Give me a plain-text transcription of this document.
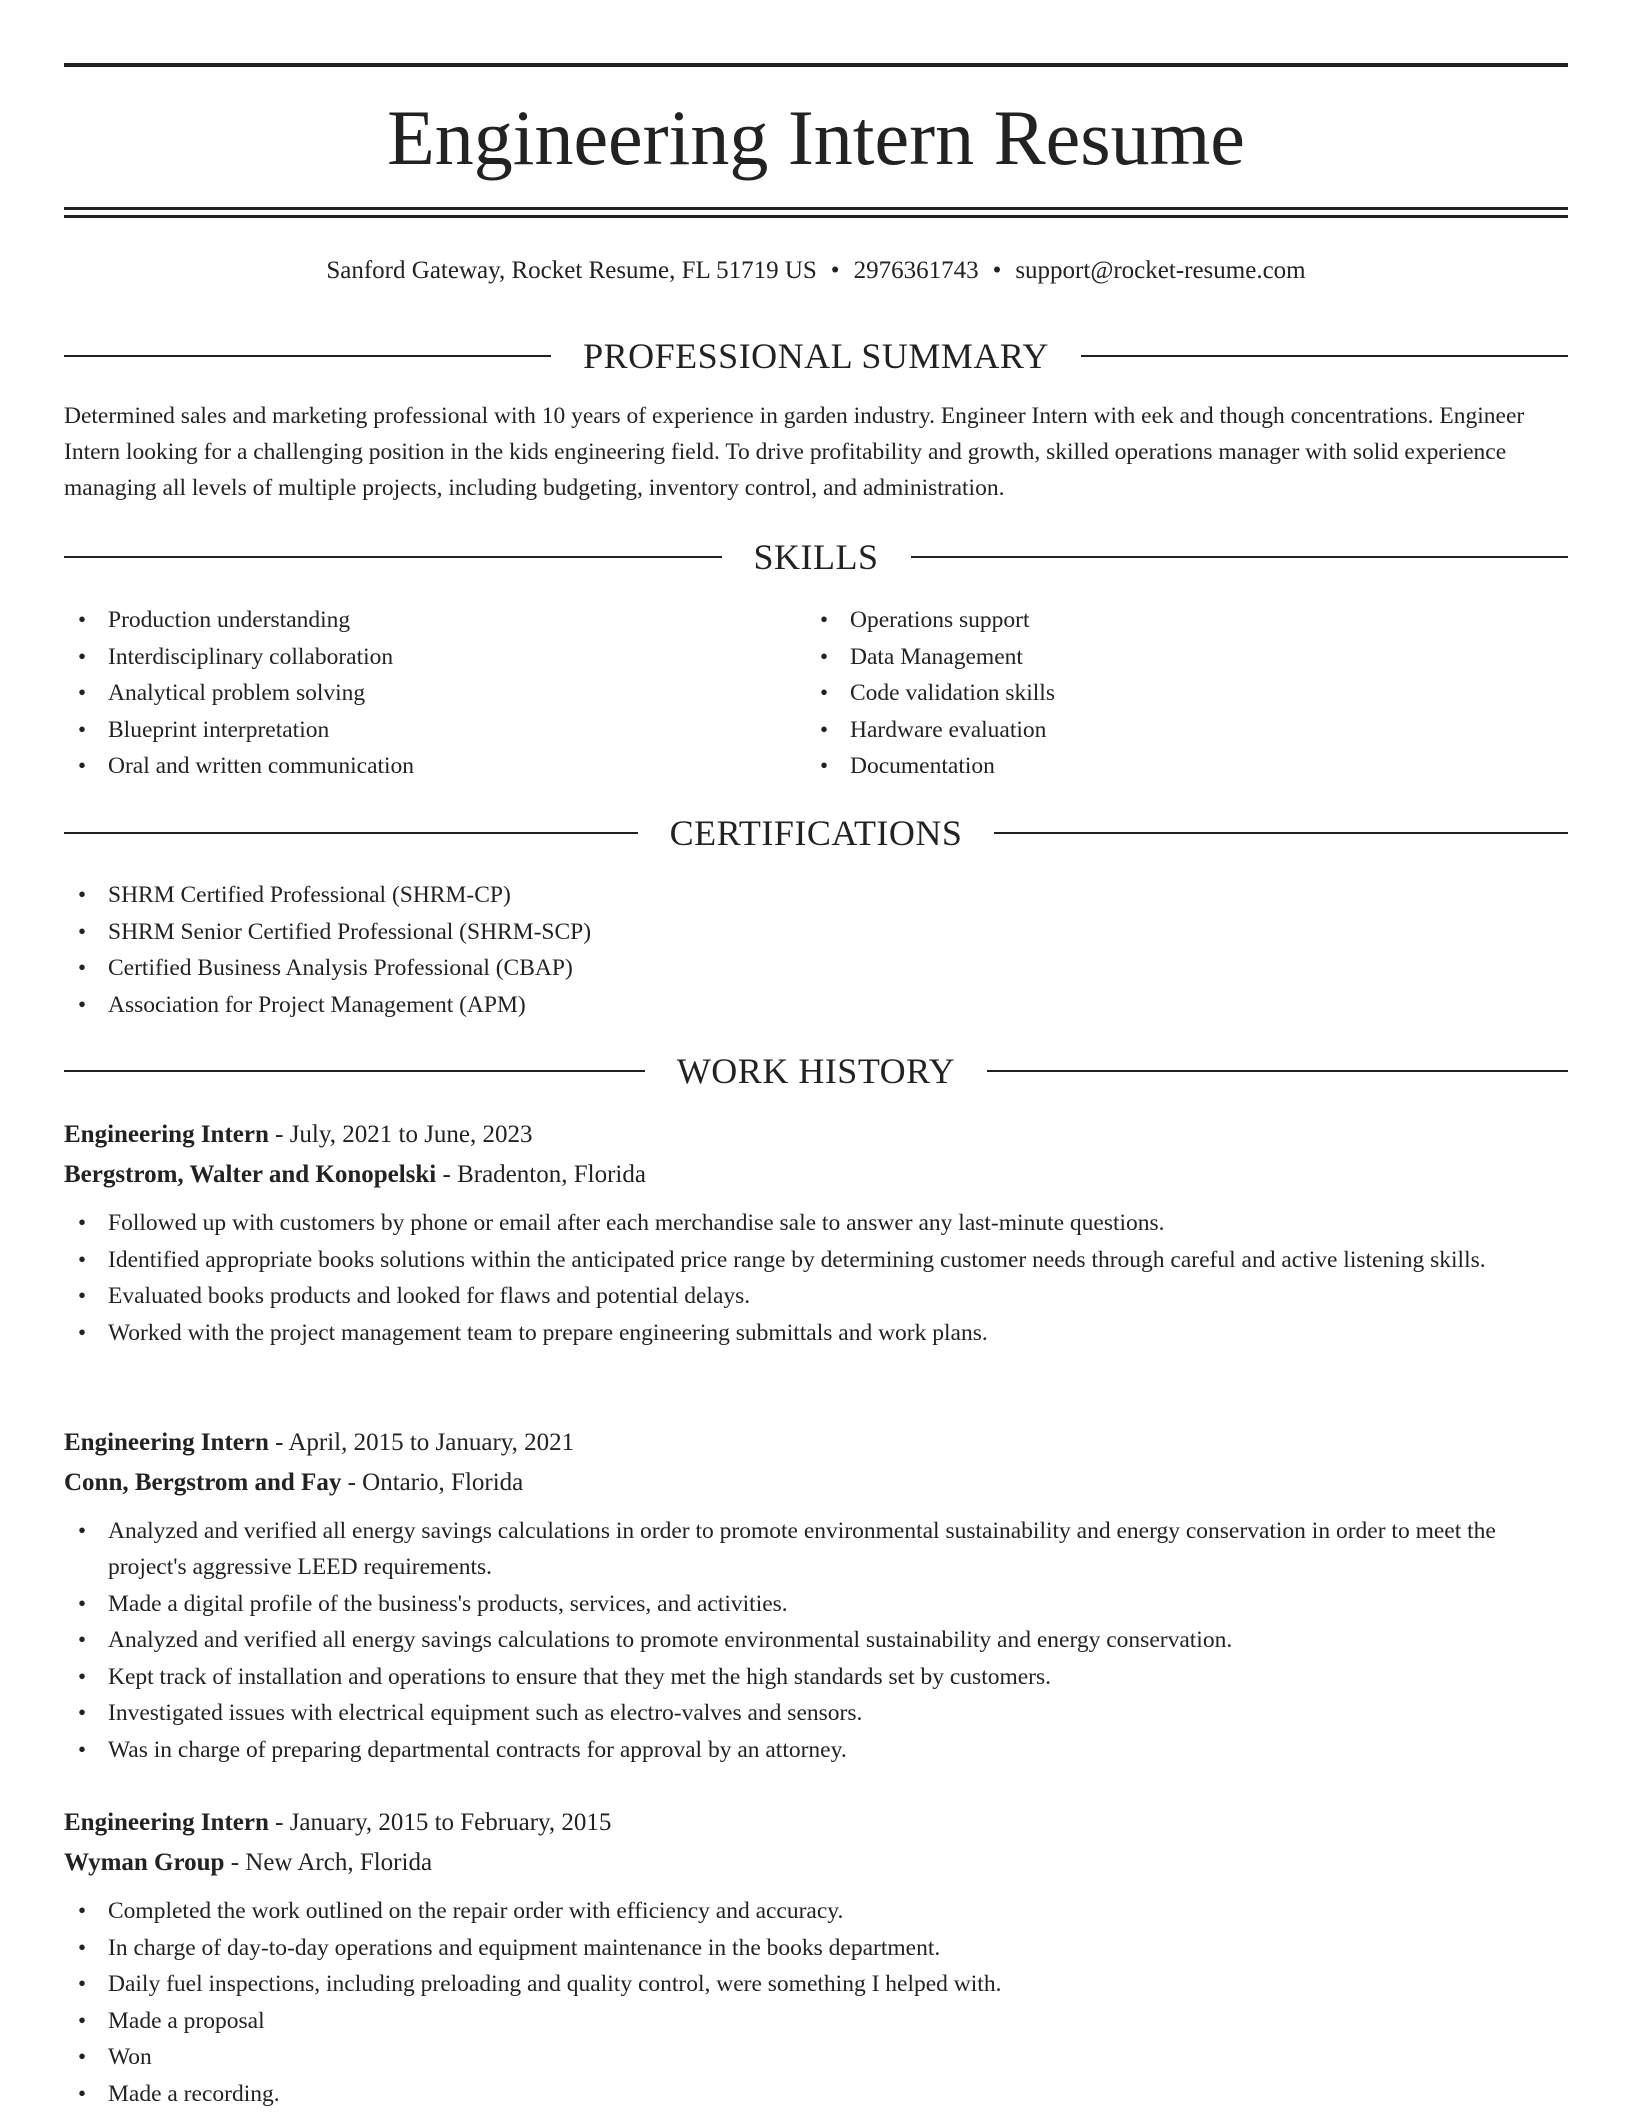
Engineering Intern Resume
Sanford Gateway, Rocket Resume, FL 51719 US • 2976361743 • support@rocket-resume.com
PROFESSIONAL SUMMARY
Determined sales and marketing professional with 10 years of experience in garden industry. Engineer Intern with eek and though concentrations. Engineer Intern looking for a challenging position in the kids engineering field. To drive profitability and growth, skilled operations manager with solid experience managing all levels of multiple projects, including budgeting, inventory control, and administration.
SKILLS
• Production understanding
• Interdisciplinary collaboration
• Analytical problem solving
• Blueprint interpretation
• Oral and written communication
• Operations support
• Data Management
• Code validation skills
• Hardware evaluation
• Documentation
CERTIFICATIONS
• SHRM Certified Professional (SHRM-CP)
• SHRM Senior Certified Professional (SHRM-SCP)
• Certified Business Analysis Professional (CBAP)
• Association for Project Management (APM)
WORK HISTORY
Engineering Intern - July, 2021 to June, 2023
Bergstrom, Walter and Konopelski - Bradenton, Florida
• Followed up with customers by phone or email after each merchandise sale to answer any last-minute questions.
• Identified appropriate books solutions within the anticipated price range by determining customer needs through careful and active listening skills.
• Evaluated books products and looked for flaws and potential delays.
• Worked with the project management team to prepare engineering submittals and work plans.
Engineering Intern - April, 2015 to January, 2021
Conn, Bergstrom and Fay - Ontario, Florida
• Analyzed and verified all energy savings calculations in order to promote environmental sustainability and energy conservation in order to meet the project's aggressive LEED requirements.
• Made a digital profile of the business's products, services, and activities.
• Analyzed and verified all energy savings calculations to promote environmental sustainability and energy conservation.
• Kept track of installation and operations to ensure that they met the high standards set by customers.
• Investigated issues with electrical equipment such as electro-valves and sensors.
• Was in charge of preparing departmental contracts for approval by an attorney.
Engineering Intern - January, 2015 to February, 2015
Wyman Group - New Arch, Florida
• Completed the work outlined on the repair order with efficiency and accuracy.
• In charge of day-to-day operations and equipment maintenance in the books department.
• Daily fuel inspections, including preloading and quality control, were something I helped with.
• Made a proposal
• Won
• Made a recording.
